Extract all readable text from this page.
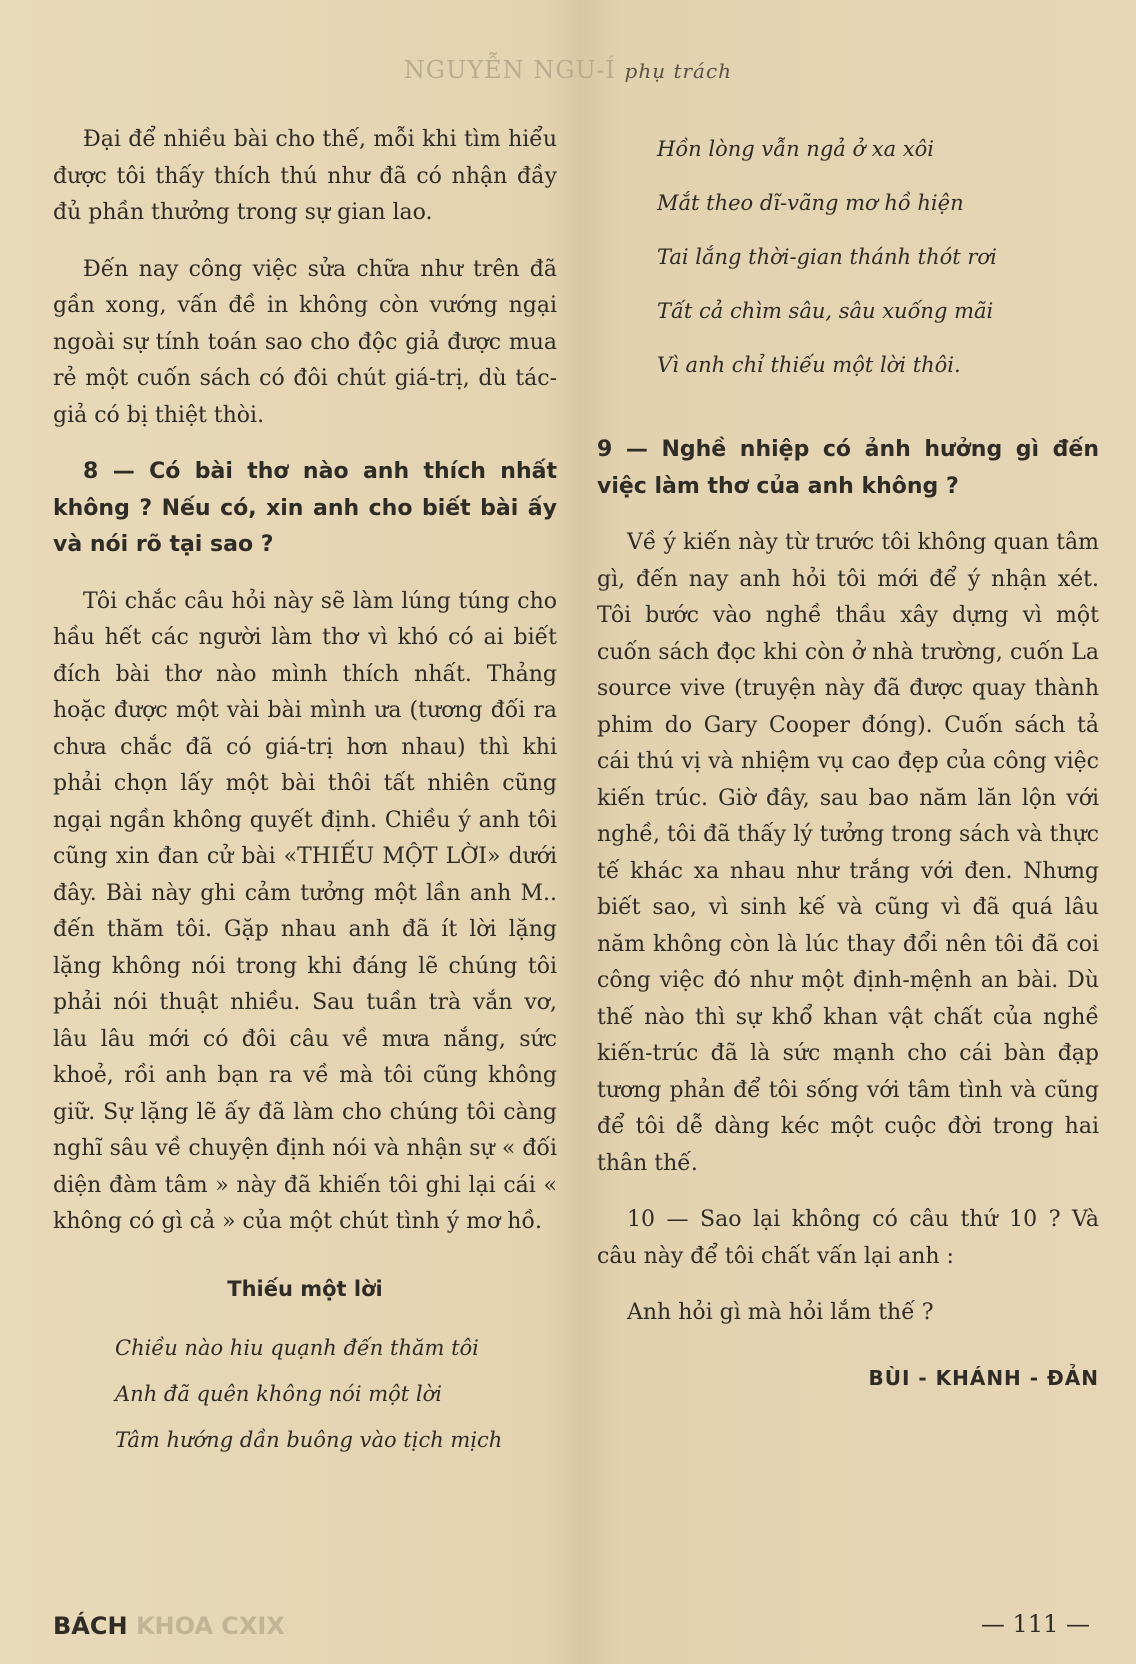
NGUYỄN NGU-Í phụ trách

Đại để nhiều bài cho thế, mỗi khi tìm hiểu được tôi thấy thích thú như đã có nhận đầy đủ phần thưởng trong sự gian lao.

Đến nay công việc sửa chữa như trên đã gần xong, vấn đề in không còn vướng ngại ngoài sự tính toán sao cho độc giả được mua rẻ một cuốn sách có đôi chút giá-trị, dù tác-giả có bị thiệt thòi.

8 — Có bài thơ nào anh thích nhất không ? Nếu có, xin anh cho biết bài ấy và nói rõ tại sao ?

Tôi chắc câu hỏi này sẽ làm lúng túng cho hầu hết các người làm thơ vì khó có ai biết đích bài thơ nào mình thích nhất. Thảng hoặc được một vài bài mình ưa (tương đối ra chưa chắc đã có giá-trị hơn nhau) thì khi phải chọn lấy một bài thôi tất nhiên cũng ngại ngần không quyết định. Chiều ý anh tôi cũng xin đan cử bài «THIẾU MỘT LỜI» dưới đây. Bài này ghi cảm tưởng một lần anh M.. đến thăm tôi. Gặp nhau anh đã ít lời lặng lặng không nói trong khi đáng lẽ chúng tôi phải nói thuật nhiều. Sau tuần trà vắn vơ, lâu lâu mới có đôi câu về mưa nắng, sức khoẻ, rồi anh bạn ra về mà tôi cũng không giữ. Sự lặng lẽ ấy đã làm cho chúng tôi càng nghĩ sâu về chuyện định nói và nhận sự « đối diện đàm tâm » này đã khiến tôi ghi lại cái « không có gì cả » của một chút tình ý mơ hồ.

Thiếu một lời
Chiều nào hiu quạnh đến thăm tôi
Anh đã quên không nói một lời
Tâm hướng dần buông vào tịch mịch
Hồn lòng vẫn ngả ở xa xôi
Mắt theo dĩ-vãng mơ hồ hiện
Tai lắng thời-gian thánh thót rơi
Tất cả chìm sâu, sâu xuống mãi
Vì anh chỉ thiếu một lời thôi.

9 — Nghề nhiệp có ảnh hưởng gì đến việc làm thơ của anh không ?

Về ý kiến này từ trước tôi không quan tâm gì, đến nay anh hỏi tôi mới để ý nhận xét. Tôi bước vào nghề thầu xây dựng vì một cuốn sách đọc khi còn ở nhà trường, cuốn La source vive (truyện này đã được quay thành phim do Gary Cooper đóng). Cuốn sách tả cái thú vị và nhiệm vụ cao đẹp của công việc kiến trúc. Giờ đây, sau bao năm lăn lộn với nghề, tôi đã thấy lý tưởng trong sách và thực tế khác xa nhau như trắng với đen. Nhưng biết sao, vì sinh kế và cũng vì đã quá lâu năm không còn là lúc thay đổi nên tôi đã coi công việc đó như một định-mệnh an bài. Dù thế nào thì sự khổ khan vật chất của nghề kiến-trúc đã là sức mạnh cho cái bàn đạp tương phản để tôi sống với tâm tình và cũng để tôi dễ dàng kéc một cuộc đời trong hai thân thế.

10 — Sao lại không có câu thứ 10 ? Và câu này để tôi chất vấn lại anh :

Anh hỏi gì mà hỏi lắm thế ?

BÙI - KHÁNH - ĐẢN
BÁCH KHOA CXIX	— 111 —
